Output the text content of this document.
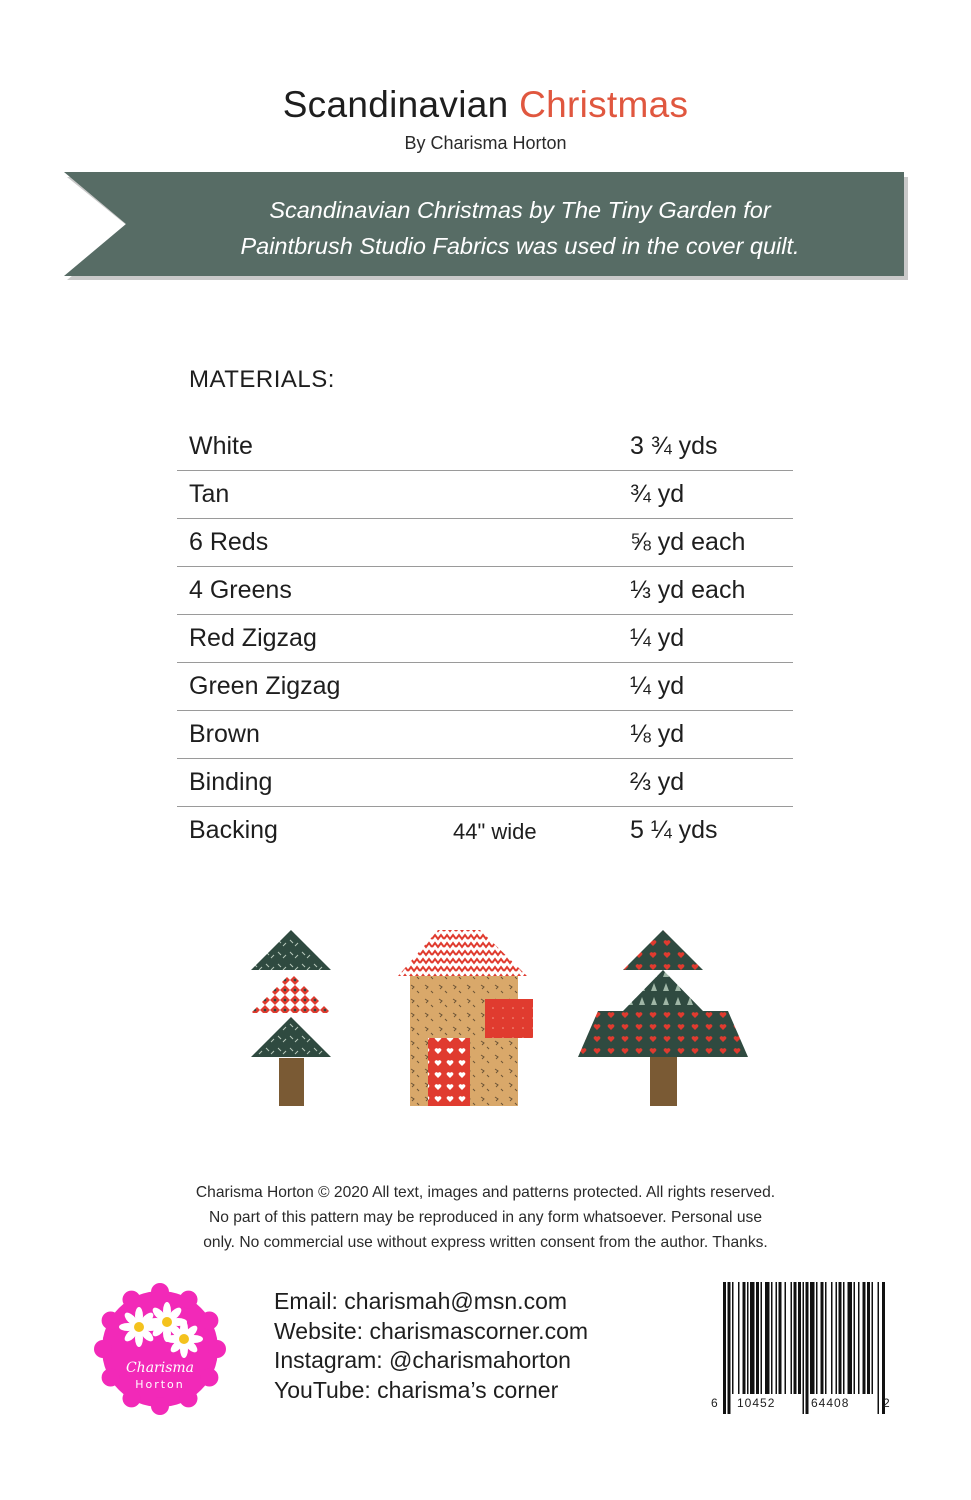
Scandinavian Christmas
By Charisma Horton
Scandinavian Christmas by The Tiny Garden for
Paintbrush Studio Fabrics was used in the cover quilt.
MATERIALS:
White	3 ¾ yds
Tan	¾ yd
6 Reds	⅝ yd each
4 Greens	⅓ yd each
Red Zigzag	¼ yd
Green Zigzag	¼ yd
Brown	⅛ yd
Binding	⅔ yd
Backing	44" wide	5 ¼ yds
Charisma Horton © 2020 All text, images and patterns protected. All rights reserved.
No part of this pattern may be reproduced in any form whatsoever. Personal use
only. No commercial use without express written consent from the author. Thanks.
Charisma
Horton
Email: charismah@msn.com
Website: charismascorner.com
Instagram: @charismahorton
YouTube: charisma’s corner
6 10452	64408	2
